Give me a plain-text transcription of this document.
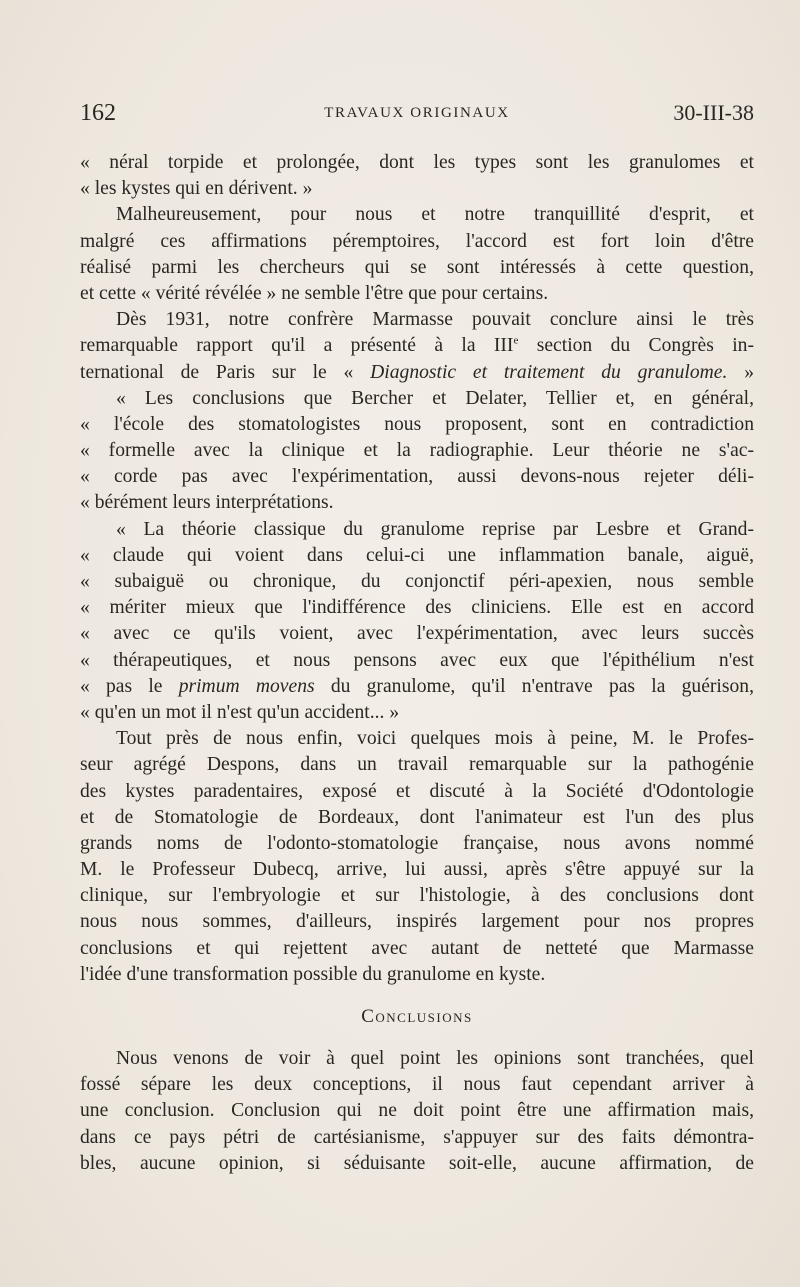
162	TRAVAUX ORIGINAUX	30-III-38
« néral torpide et prolongée, dont les types sont les granulomes et
« les kystes qui en dérivent. »
Malheureusement, pour nous et notre tranquillité d'esprit, et
malgré ces affirmations péremptoires, l'accord est fort loin d'être
réalisé parmi les chercheurs qui se sont intéressés à cette question,
et cette « vérité révélée » ne semble l'être que pour certains.
Dès 1931, notre confrère Marmasse pouvait conclure ainsi le très
remarquable rapport qu'il a présenté à la IIIe section du Congrès in-
ternational de Paris sur le « Diagnostic et traitement du granulome. »
« Les conclusions que Bercher et Delater, Tellier et, en général,
« l'école des stomatologistes nous proposent, sont en contradiction
« formelle avec la clinique et la radiographie. Leur théorie ne s'ac-
« corde pas avec l'expérimentation, aussi devons-nous rejeter déli-
« bérément leurs interprétations.
« La théorie classique du granulome reprise par Lesbre et Grand-
« claude qui voient dans celui-ci une inflammation banale, aiguë,
« subaiguë ou chronique, du conjonctif péri-apexien, nous semble
« mériter mieux que l'indifférence des cliniciens. Elle est en accord
« avec ce qu'ils voient, avec l'expérimentation, avec leurs succès
« thérapeutiques, et nous pensons avec eux que l'épithélium n'est
« pas le primum movens du granulome, qu'il n'entrave pas la guérison,
« qu'en un mot il n'est qu'un accident... »
Tout près de nous enfin, voici quelques mois à peine, M. le Profes-
seur agrégé Despons, dans un travail remarquable sur la pathogénie
des kystes paradentaires, exposé et discuté à la Société d'Odontologie
et de Stomatologie de Bordeaux, dont l'animateur est l'un des plus
grands noms de l'odonto-stomatologie française, nous avons nommé
M. le Professeur Dubecq, arrive, lui aussi, après s'être appuyé sur la
clinique, sur l'embryologie et sur l'histologie, à des conclusions dont
nous nous sommes, d'ailleurs, inspirés largement pour nos propres
conclusions et qui rejettent avec autant de netteté que Marmasse
l'idée d'une transformation possible du granulome en kyste.
Conclusions
Nous venons de voir à quel point les opinions sont tranchées, quel
fossé sépare les deux conceptions, il nous faut cependant arriver à
une conclusion. Conclusion qui ne doit point être une affirmation mais,
dans ce pays pétri de cartésianisme, s'appuyer sur des faits démontra-
bles, aucune opinion, si séduisante soit-elle, aucune affirmation, de
